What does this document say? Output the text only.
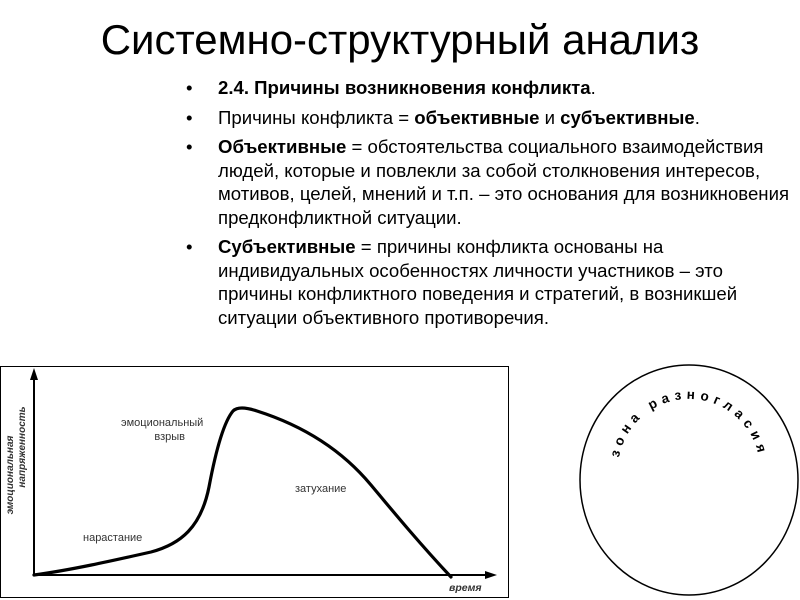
Системно-структурный анализ
• 2.4. Причины возникновения конфликта.
• Причины конфликта = объективные и субъективные.
• Объективные = обстоятельства социального взаимодействия людей, которые и повлекли за собой столкновения интересов, мотивов, целей, мнений и т.п. – это основания для возникновения предконфликтной ситуации.
• Субъективные = причины конфликта основаны на индивидуальных особенностях личности участников – это причины конфликтного поведения и стратегий, в возникшей ситуации объективного противоречия.
эмоциональная напряженность
время
нарастание
эмоциональный
взрыв
затухание
зона разногласия
